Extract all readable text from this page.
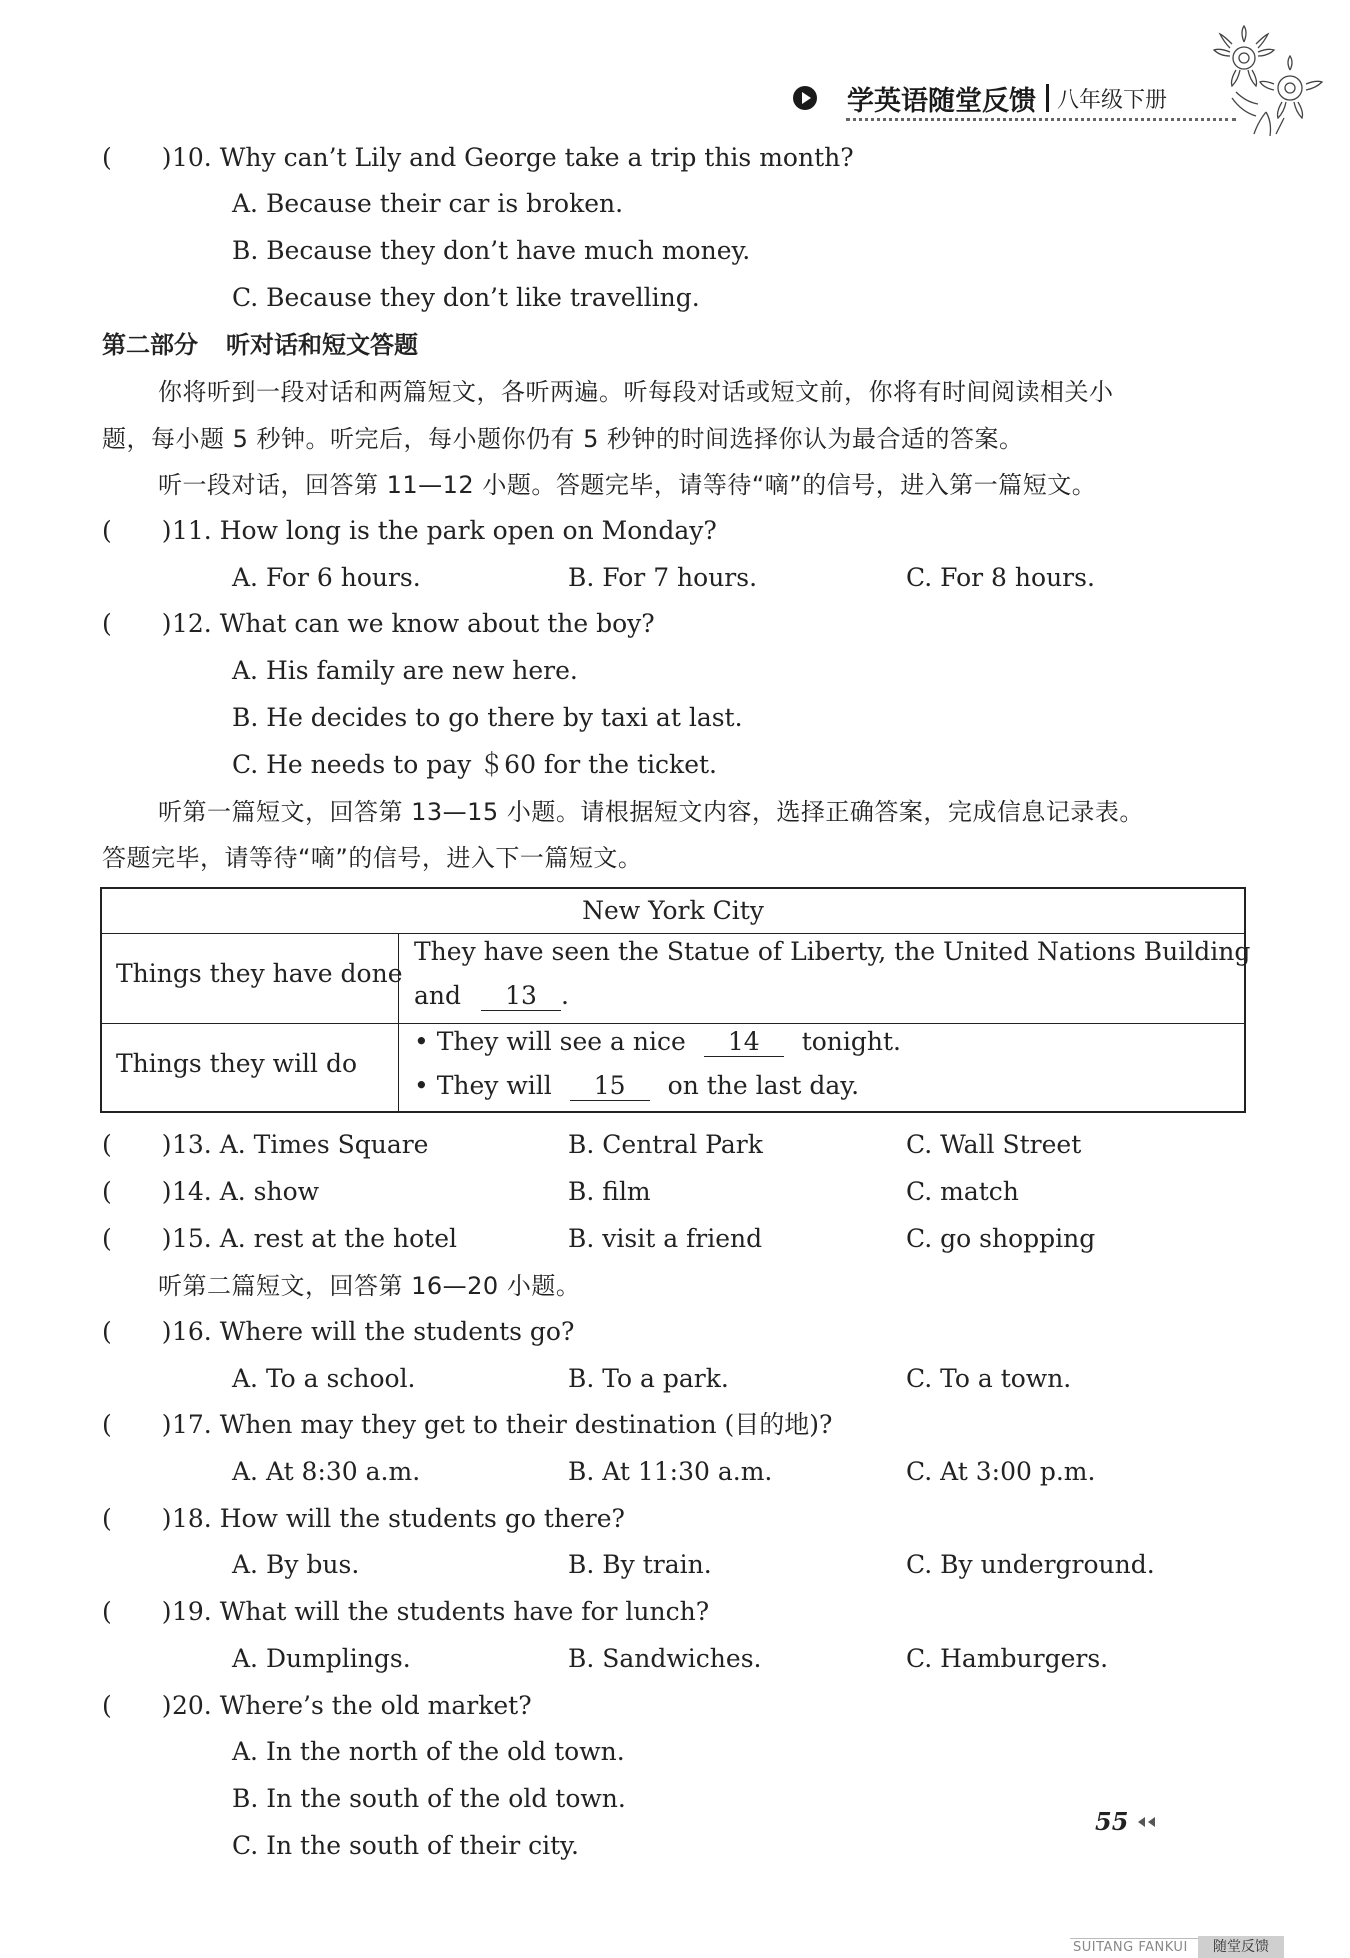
学英语随堂反馈 八年级下册
(　　) 10. Why can’t Lily and George take a trip this month?
A. Because their car is broken.
B. Because they don’t have much money.
C. Because they don’t like travelling.
第二部分 听对话和短文答题
你将听到一段对话和两篇短文，各听两遍。听每段对话或短文前，你将有时间阅读相关小
题，每小题 5 秒钟。听完后，每小题你仍有 5 秒钟的时间选择你认为最合适的答案。
听一段对话，回答第 11—12 小题。答题完毕，请等待“嘀”的信号，进入第一篇短文。
(　　) 11. How long is the park open on Monday?
A. For 6 hours.	B. For 7 hours.	C. For 8 hours.
(　　) 12. What can we know about the boy?
A. His family are new here.
B. He decides to go there by taxi at last.
C. He needs to pay ＄60 for the ticket.
听第一篇短文，回答第 13—15 小题。请根据短文内容，选择正确答案，完成信息记录表。
答题完毕，请等待“嘀”的信号，进入下一篇短文。
New York City
Things they have done
They have seen the Statue of Liberty, the United Nations Building
and 13 .
Things they will do
• They will see a nice 14 tonight.
• They will 15 on the last day.
(　　) 13. A. Times Square	B. Central Park	C. Wall Street
(　　) 14. A. show	B. film	C. match
(　　) 15. A. rest at the hotel	B. visit a friend	C. go shopping
听第二篇短文，回答第 16—20 小题。
(　　) 16. Where will the students go?
A. To a school.	B. To a park.	C. To a town.
(　　) 17. When may they get to their destination (目的地)?
A. At 8:30 a.m.	B. At 11:30 a.m.	C. At 3:00 p.m.
(　　) 18. How will the students go there?
A. By bus.	B. By train.	C. By underground.
(　　) 19. What will the students have for lunch?
A. Dumplings.	B. Sandwiches.	C. Hamburgers.
(　　) 20. Where’s the old market?
A. In the north of the old town.
B. In the south of the old town.
C. In the south of their city.
55
SUITANG FANKUI	随堂反馈
